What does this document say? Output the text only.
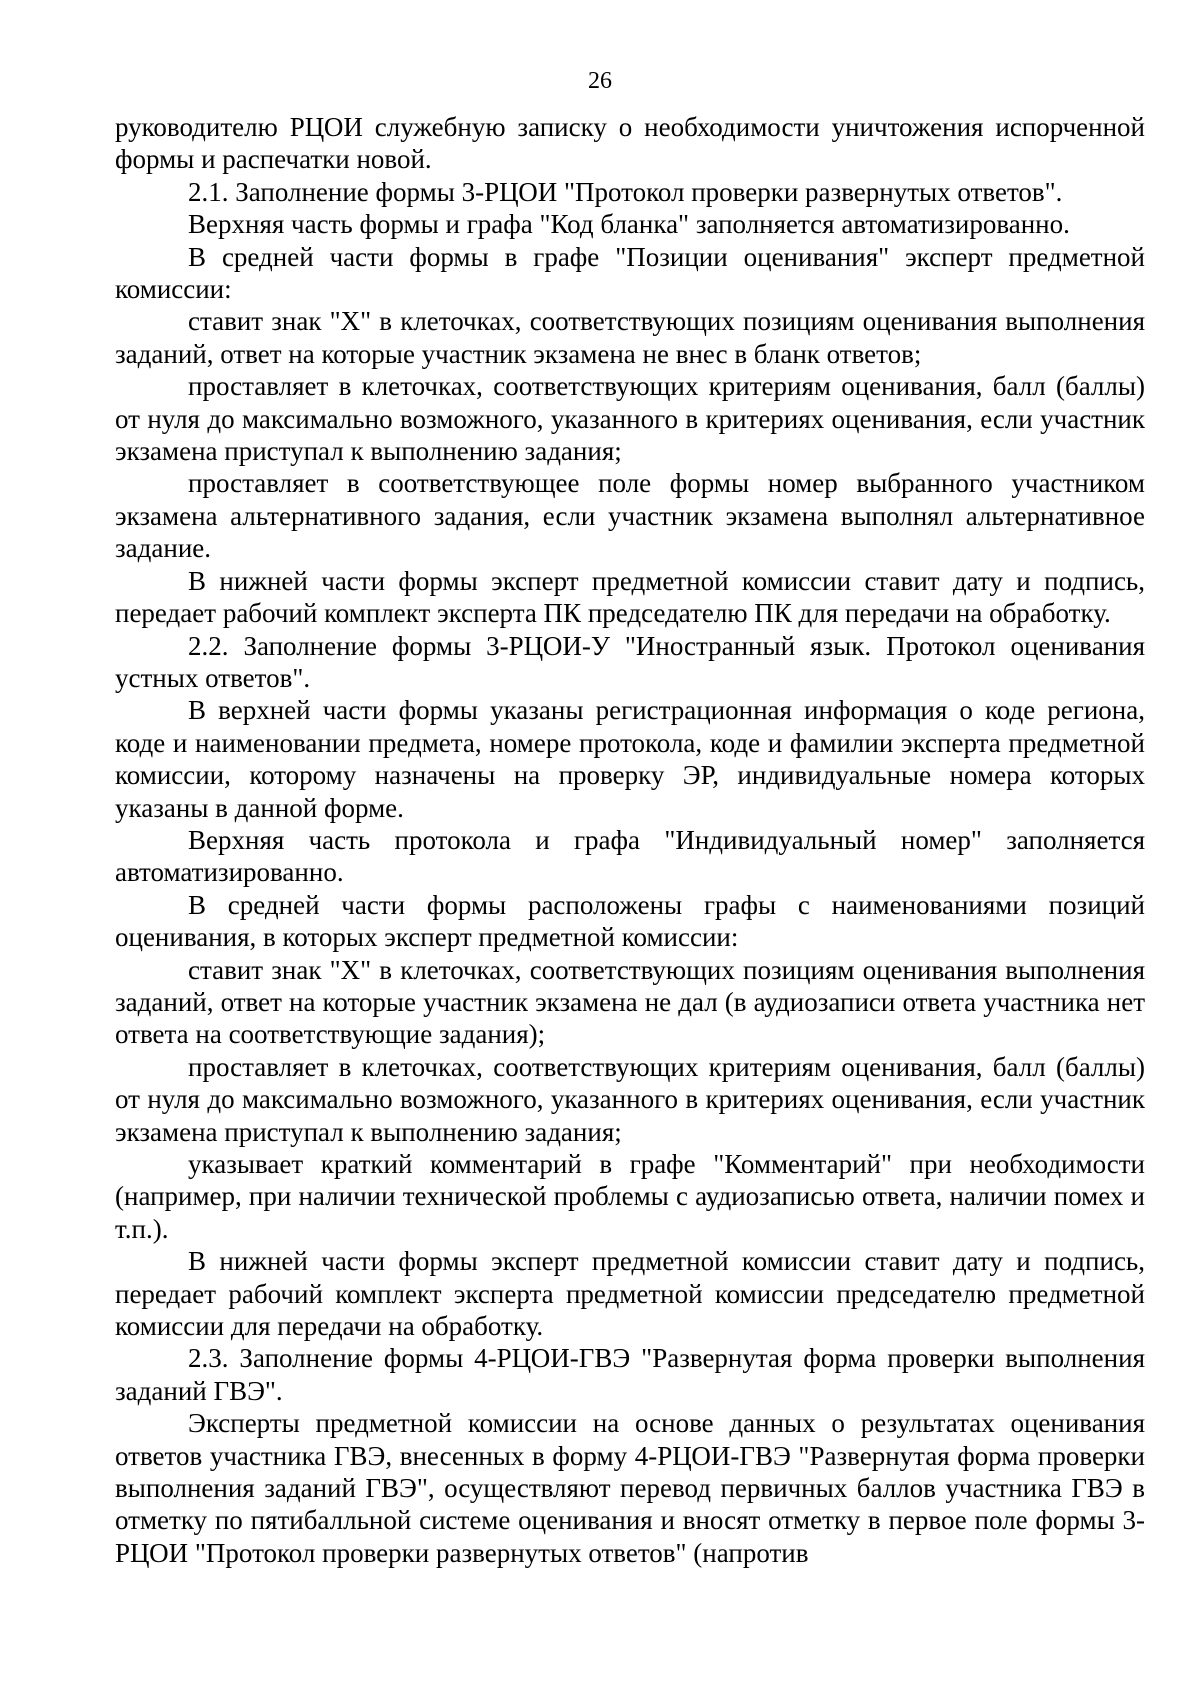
26

руководителю РЦОИ служебную записку о необходимости уничтожения испорченной формы и распечатки новой.

2.1. Заполнение формы 3-РЦОИ "Протокол проверки развернутых ответов".

Верхняя часть формы и графа "Код бланка" заполняется автоматизированно.

В средней части формы в графе "Позиции оценивания" эксперт предметной комиссии:

ставит знак "X" в клеточках, соответствующих позициям оценивания выполнения заданий, ответ на которые участник экзамена не внес в бланк ответов;

проставляет в клеточках, соответствующих критериям оценивания, балл (баллы) от нуля до максимально возможного, указанного в критериях оценивания, если участник экзамена приступал к выполнению задания;

проставляет в соответствующее поле формы номер выбранного участником экзамена альтернативного задания, если участник экзамена выполнял альтернативное задание.

В нижней части формы эксперт предметной комиссии ставит дату и подпись, передает рабочий комплект эксперта ПК председателю ПК для передачи на обработку.

2.2. Заполнение формы 3-РЦОИ-У "Иностранный язык. Протокол оценивания устных ответов".

В верхней части формы указаны регистрационная информация о коде региона, коде и наименовании предмета, номере протокола, коде и фамилии эксперта предметной комиссии, которому назначены на проверку ЭР, индивидуальные номера которых указаны в данной форме.

Верхняя часть протокола и графа "Индивидуальный номер" заполняется автоматизированно.

В средней части формы расположены графы с наименованиями позиций оценивания, в которых эксперт предметной комиссии:

ставит знак "X" в клеточках, соответствующих позициям оценивания выполнения заданий, ответ на которые участник экзамена не дал (в аудиозаписи ответа участника нет ответа на соответствующие задания);

проставляет в клеточках, соответствующих критериям оценивания, балл (баллы) от нуля до максимально возможного, указанного в критериях оценивания, если участник экзамена приступал к выполнению задания;

указывает краткий комментарий в графе "Комментарий" при необходимости (например, при наличии технической проблемы с аудиозаписью ответа, наличии помех и т.п.).

В нижней части формы эксперт предметной комиссии ставит дату и подпись, передает рабочий комплект эксперта предметной комиссии председателю предметной комиссии для передачи на обработку.

2.3. Заполнение формы 4-РЦОИ-ГВЭ "Развернутая форма проверки выполнения заданий ГВЭ".

Эксперты предметной комиссии на основе данных о результатах оценивания ответов участника ГВЭ, внесенных в форму 4-РЦОИ-ГВЭ "Развернутая форма проверки выполнения заданий ГВЭ", осуществляют перевод первичных баллов участника ГВЭ в отметку по пятибалльной системе оценивания и вносят отметку в первое поле формы 3-РЦОИ "Протокол проверки развернутых ответов" (напротив
